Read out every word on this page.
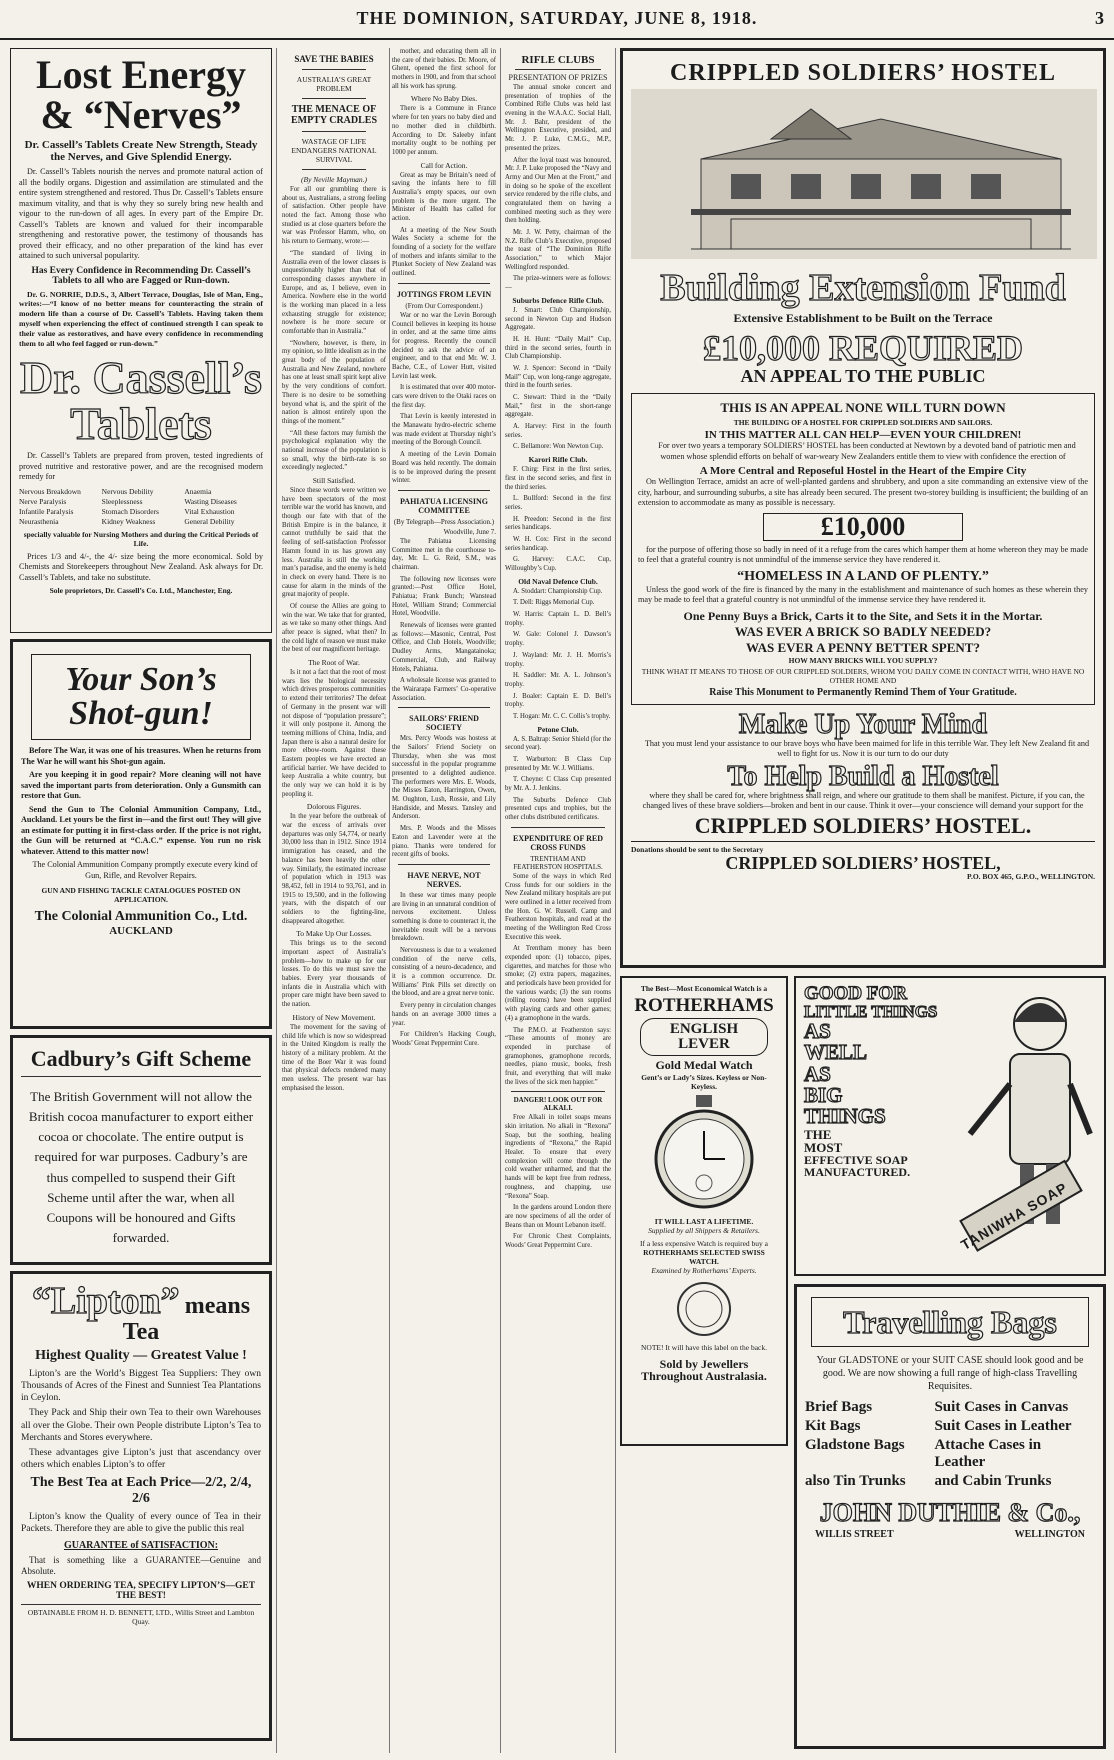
THE DOMINION, SATURDAY, JUNE 8, 1918.	3
Lost Energy
& “Nerves”
Dr. Cassell’s Tablets Create New Strength, Steady the Nerves, and Give Splendid Energy.
Dr. Cassell’s Tablets nourish the nerves and promote natural action of all the bodily organs. Digestion and assimilation are stimulated and the entire system strengthened and restored. Thus Dr. Cassell’s Tablets ensure maximum vitality, and that is why they so surely bring new health and vigour to the run-down of all ages. In every part of the Empire Dr. Cassell’s Tablets are known and valued for their incomparable strengthening and restorative power, the testimony of thousands has proved their efficacy, and no other preparation of the kind has ever attained to such universal popularity.
Has Every Confidence in Recommending Dr. Cassell’s Tablets to all who are Fagged or Run-down.
Dr. G. NORRIE, D.D.S., 3, Albert Terrace, Douglas, Isle of Man, Eng., writes:—“I know of no better means for counteracting the strain of modern life than a course of Dr. Cassell’s Tablets. Having taken them myself when experiencing the effect of continued strength I can speak to their value as restoratives, and have every confidence in recommending them to all who feel fagged or run-down.”
Dr. Cassell’s
Tablets
Dr. Cassell’s Tablets are prepared from proven, tested ingredients of proved nutritive and restorative power, and are the recognised modern remedy for
Nervous Breakdown	Nervous Debility	Anaemia
Nerve Paralysis	Sleeplessness	Wasting Diseases
Infantile Paralysis	Stomach Disorders	Vital Exhaustion
Neurasthenia	Kidney Weakness	General Debility
specially valuable for Nursing Mothers and during the Critical Periods of Life.
Prices 1/3 and 4/-, the 4/- size being the more economical. Sold by Chemists and Storekeepers throughout New Zealand. Ask always for Dr. Cassell’s Tablets, and take no substitute.
Sole proprietors, Dr. Cassell’s Co. Ltd., Manchester, Eng.
Your Son’s
Shot-gun!
Before The War, it was one of his treasures. When he returns from The War he will want his Shot-gun again.
Are you keeping it in good repair? More cleaning will not have saved the important parts from deterioration. Only a Gunsmith can restore that Gun.
Send the Gun to The Colonial Ammunition Company, Ltd., Auckland. Let yours be the first in—and the first out! They will give an estimate for putting it in first-class order. If the price is not right, the Gun will be returned at “C.A.C.” expense. You run no risk whatever. Attend to this matter now!
The Colonial Ammunition Company promptly execute every kind of Gun, Rifle, and Revolver Repairs.
GUN AND FISHING TACKLE CATALOGUES POSTED ON APPLICATION.
The Colonial Ammunition Co., Ltd.
AUCKLAND
Cadbury’s Gift Scheme
The British Government will not allow the British cocoa manufacturer to export either cocoa or chocolate. The entire output is required for war purposes. Cadbury’s are thus compelled to suspend their Gift Scheme until after the war, when all Coupons will be honoured and Gifts forwarded.
“Lipton” means Tea
Highest Quality — Greatest Value !
Lipton’s are the World’s Biggest Tea Suppliers: They own Thousands of Acres of the Finest and Sunniest Tea Plantations in Ceylon.
They Pack and Ship their own Tea to their own Warehouses all over the Globe. Their own People distribute Lipton’s Tea to Merchants and Stores everywhere.
These advantages give Lipton’s just that ascendancy over others which enables Lipton’s to offer
The Best Tea at Each Price—2/2, 2/4, 2/6
Lipton’s know the Quality of every ounce of Tea in their Packets. Therefore they are able to give the public this real
GUARANTEE of SATISFACTION:
That is something like a GUARANTEE—Genuine and Absolute.
WHEN ORDERING TEA, SPECIFY LIPTON’S—GET THE BEST!
OBTAINABLE FROM H. D. BENNETT, LTD., Willis Street and Lambton Quay.
SAVE THE BABIES
AUSTRALIA’S GREAT PROBLEM
THE MENACE OF EMPTY CRADLES
WASTAGE OF LIFE ENDANGERS NATIONAL SURVIVAL
(By Neville Mayman.)
For all our grumbling there is about us, Australians, a strong feeling of satisfaction. Other people have noted the fact. Among those who studied us at close quarters before the war was Professor Hamm, who, on his return to Germany, wrote:—
“The standard of living in Australia even of the lower classes is unquestionably higher than that of corresponding classes anywhere in Europe, and as, I believe, even in America. Nowhere else in the world is the working man placed in a less exhausting struggle for existence; nowhere is he more secure or comfortable than in Australia.”
“Nowhere, however, is there, in my opinion, so little idealism as in the great body of the population of Australia and New Zealand, nowhere has one at least small spirit kept alive by the very conditions of comfort. There is no desire to be something beyond what is, and the spirit of the nation is almost entirely upon the things of the moment.”
“All these factors may furnish the psychological explanation why the national increase of the population is so small, why the birth-rate is so exceedingly neglected.”
Still Satisfied.
Since these words were written we have been spectators of the most terrible war the world has known, and though our fate with that of the British Empire is in the balance, it cannot truthfully be said that the feeling of self-satisfaction Professor Hamm found in us has grown any less. Australia is still the working man’s paradise, and the enemy is held in check on every hand. There is no cause for alarm in the minds of the great majority of people.
Of course the Allies are going to win the war. We take that for granted, as we take so many other things. And after peace is signed, what then? In the cold light of reason we must make the best of our magnificent heritage.
The Root of War.
Is it not a fact that the root of most wars lies the biological necessity which drives prosperous communities to extend their territories? The defeat of Germany in the present war will not dispose of “population pressure”; it will only postpone it. Among the teeming millions of China, India, and Japan there is also a natural desire for more elbow-room. Against these Eastern peoples we have erected an artificial barrier. We have decided to keep Australia a white country, but the only way we can hold it is by peopling it.
Dolorous Figures.
In the year before the outbreak of war the excess of arrivals over departures was only 54,774, or nearly 30,000 less than in 1912. Since 1914 immigration has ceased, and the balance has been heavily the other way. Similarly, the estimated increase of population which in 1913 was 98,452, fell in 1914 to 93,761, and in 1915 to 19,500, and in the following years, with the dispatch of our soldiers to the fighting-line, disappeared altogether.
To Make Up Our Losses.
This brings us to the second important aspect of Australia’s problem—how to make up for our losses. To do this we must save the babies. Every year thousands of infants die in Australia which with proper care might have been saved to the nation.
History of New Movement.
The movement for the saving of child life which is now so widespread in the United Kingdom is really the history of a military problem. At the time of the Boer War it was found that physical defects rendered many men useless. The present war has emphasised the lesson.
RIFLE CLUBS
PRESENTATION OF PRIZES
The annual smoke concert and presentation of trophies of the Combined Rifle Clubs was held last evening in the W.A.A.C. Social Hall, Mr. J. Bahr, president of the Wellington Executive, presided, and Mr. J. P. Luke, C.M.G., M.P., presented the prizes.
After the loyal toast was honoured, Mr. J. P. Luke proposed the “Navy and Army and Our Men at the Front,” and in doing so he spoke of the excellent service rendered by the rifle clubs, and congratulated them on having a combined meeting such as they were then holding.
Mr. J. W. Petty, chairman of the N.Z. Rifle Club’s Executive, proposed the toast of “The Dominion Rifle Association,” to which Major Wellingford responded.
The prize-winners were as follows:—
Suburbs Defence Rifle Club.
J. Smart: Club Championship, second in Newton Cup and Hudson Aggregate.
H. H. Hunt: “Daily Mail” Cup, third in the second series, fourth in Club Championship.
W. J. Spencer: Second in “Daily Mail” Cup, won long-range aggregate, third in the fourth series.
C. Stewart: Third in the “Daily Mail,” first in the short-range aggregate.
A. Harvey: First in the fourth series.
C. Bellamore: Won Newton Cup.
Karori Rifle Club.
F. Chirg: First in the first series, first in the second series, and first in the third series.
L. Bullford: Second in the first series.
H. Preedon: Second in the first series handicaps.
W. H. Cox: First in the second series handicap.
G. Harvey: C.A.C. Cup, Willoughby’s Cup.
Old Naval Defence Club.
A. Stoddart: Championship Cup.
T. Dell: Riggs Memorial Cup.
W. Harris: Captain L. D. Bell’s trophy.
W. Gale: Colonel J. Dawson’s trophy.
J. Wayland: Mr. J. H. Morris’s trophy.
H. Saddler: Mr. A. L. Johnson’s trophy.
J. Boaler: Captain E. D. Bell’s trophy.
T. Hogan: Mr. C. C. Collis’s trophy.
Petone Club.
A. S. Baltrap: Senior Shield (for the second year).
T. Warburton: B Class Cup presented by Mr. W. J. Williams.
T. Cheyne: C Class Cup presented by Mr. A. J. Jenkins.
The Suburbs Defence Club presented cups and trophies, but the other clubs distributed certificates.
EXPENDITURE OF RED CROSS FUNDS
TRENTHAM AND FEATHERSTON HOSPITALS.
Some of the ways in which Red Cross funds for our soldiers in the New Zealand military hospitals are put were outlined in a letter received from the Hon. G. W. Russell. Camp and Featherston hospitals, and read at the meeting of the Wellington Red Cross Executive this week.
At Trentham money has been expended upon: (1) tobacco, pipes, cigarettes, and matches for those who smoke; (2) extra papers, magazines, and periodicals have been provided for the various wards; (3) the sun rooms (rolling rooms) have been supplied with playing cards and other games; (4) a gramophone in the wards.
The P.M.O. at Featherston says: “These amounts of money are expended in purchase of gramophones, gramophone records, needles, piano music, books, fresh fruit, and everything that will make the lives of the sick men happier.”
DANGER! LOOK OUT FOR ALKALI.
Free Alkali in toilet soaps means skin irritation. No alkali in “Rexona” Soap, but the soothing, healing ingredients of “Rexona,” the Rapid Healer. To ensure that every complexion will come through the cold weather unharmed, and that the hands will be kept free from redness, roughness, and chapping, use “Rexona” Soap.
In the gardens around London there are now specimens of all the order of Beans than on Mount Lebanon itself.
For Chronic Chest Complaints, Woods’ Great Peppermint Cure.
CRIPPLED SOLDIERS’ HOSTEL
Building Extension Fund
Extensive Establishment to be Built on the Terrace
£10,000 REQUIRED
AN APPEAL TO THE PUBLIC
THIS IS AN APPEAL NONE WILL TURN DOWN
THE BUILDING OF A HOSTEL FOR CRIPPLED SOLDIERS AND SAILORS.
IN THIS MATTER ALL CAN HELP—EVEN YOUR CHILDREN!
For over two years a temporary SOLDIERS’ HOSTEL has been conducted at Newtown by a devoted band of patriotic men and women whose splendid efforts on behalf of war-weary New Zealanders entitle them to view with confidence the erection of
A More Central and Reposeful Hostel in the Heart of the Empire City
On Wellington Terrace, amidst an acre of well-planted gardens and shrubbery, and upon a site commanding an extensive view of the city, harbour, and surrounding suburbs, a site has already been secured. The present two-storey building is insufficient; the building of an extension to accommodate as many as possible is necessary.
£10,000
for the purpose of offering those so badly in need of it a refuge from the cares which hamper them at home whereon they may be made to feel that a grateful country is not unmindful of the immense service they have rendered it.
“HOMELESS IN A LAND OF PLENTY.”
Unless the good work of the fire is financed by the many in the establishment and maintenance of such homes as these wherein they may be made to feel that a grateful country is not unmindful of the immense service they have rendered it.
One Penny Buys a Brick, Carts it to the Site, and Sets it in the Mortar.
WAS EVER A BRICK SO BADLY NEEDED?
WAS EVER A PENNY BETTER SPENT?
HOW MANY BRICKS WILL YOU SUPPLY?
THINK WHAT IT MEANS TO THOSE OF OUR CRIPPLED SOLDIERS, WHOM YOU DAILY COME IN CONTACT WITH, WHO HAVE NO OTHER HOME AND
Raise This Monument to Permanently Remind Them of Your Gratitude.
Make Up Your Mind
That you must lend your assistance to our brave boys who have been maimed for life in this terrible War. They left New Zealand fit and well to fight for us. Now it is our turn to do our duty
To Help Build a Hostel
where they shall be cared for, where brightness shall reign, and where our gratitude to them shall be manifest. Picture, if you can, the changed lives of these brave soldiers—broken and bent in our cause. Think it over—your conscience will demand your support for the
CRIPPLED SOLDIERS’ HOSTEL.
Donations should be sent to the Secretary
CRIPPLED SOLDIERS’ HOSTEL,
P.O. BOX 465, G.P.O., WELLINGTON.
The Best—Most Economical Watch is a
ROTHERHAMS
ENGLISH LEVER
Gold Medal Watch
Gent’s or Lady’s Sizes. Keyless or Non-Keyless.
IT WILL LAST A LIFETIME.
Supplied by all Shippers & Retailers.
If a less expensive Watch is required buy a
ROTHERHAMS SELECTED SWISS WATCH.
Examined by Rotherhams’ Experts.
NOTE! It will have this label on the back.
Sold by Jewellers Throughout Australasia.
GOOD FOR
LITTLE THINGS
AS
WELL
AS
BIG
THINGS
THE
MOST
EFFECTIVE SOAP
MANUFACTURED.
TANIWHA SOAP
Travelling Bags
Your GLADSTONE or your SUIT CASE should look good and be good. We are now showing a full range of high-class Travelling Requisites.
Brief Bags	Suit Cases in Canvas
Kit Bags	Suit Cases in Leather
Gladstone Bags	Attache Cases in Leather
also Tin Trunks	and Cabin Trunks
JOHN DUTHIE & Co.,
WILLIS STREET	WELLINGTON
mother, and educating them all in the care of their babies. Dr. Moore, of Ghent, opened the first school for mothers in 1900, and from that school all his work has sprung.
Where No Baby Dies.
There is a Commune in France where for ten years no baby died and no mother died in childbirth. According to Dr. Saleeby infant mortality ought to be nothing per 1000 per annum.
Call for Action.
Great as may be Britain’s need of saving the infants here to fill Australia’s empty spaces, our own problem is the more urgent. The Minister of Health has called for action.
At a meeting of the New South Wales Society a scheme for the founding of a society for the welfare of mothers and infants similar to the Plunket Society of New Zealand was outlined.
JOTTINGS FROM LEVIN
(From Our Correspondent.)
War or no war the Levin Borough Council believes in keeping its house in order, and at the same time aims for progress. Recently the council decided to ask the advice of an engineer, and to that end Mr. W. J. Bache, C.E., of Lower Hutt, visited Levin last week.
It is estimated that over 400 motor-cars were driven to the Otaki races on the first day.
That Levin is keenly interested in the Manawatu hydro-electric scheme was made evident at Thursday night’s meeting of the Borough Council.
A meeting of the Levin Domain Board was held recently. The domain is to be improved during the present winter.
PAHIATUA LICENSING COMMITTEE
(By Telegraph—Press Association.)
Woodville, June 7.
The Pahiatua Licensing Committee met in the courthouse to-day, Mr. L. G. Reid, S.M., was chairman.
The following new licenses were granted:—Post Office Hotel, Pahiatua; Frank Bunch; Wanstead Hotel, William Strand; Commercial Hotel, Woodville.
Renewals of licenses were granted as follows:—Masonic, Central, Post Office, and Club Hotels, Woodville; Dudley Arms, Mangatainoka; Commercial, Club, and Railway Hotels, Pahiatua.
A wholesale license was granted to the Wairarapa Farmers’ Co-operative Association.
SAILORS’ FRIEND SOCIETY
Mrs. Percy Woods was hostess at the Sailors’ Friend Society on Thursday, when she was most successful in the popular programme presented to a delighted audience. The performers were Mrs. E. Woods, the Misses Eaton, Harrington, Owen, M. Oughton, Lush, Rossie, and Lily Handiside, and Messrs. Tansley and Anderson.
Mrs. P. Woods and the Misses Eaton and Lavender were at the piano. Thanks were tendered for recent gifts of books.
HAVE NERVE, NOT NERVES.
In these war times many people are living in an unnatural condition of nervous excitement. Unless something is done to counteract it, the inevitable result will be a nervous breakdown.
Nervousness is due to a weakened condition of the nerve cells, consisting of a neuro-decadence, and it is a common occurrence. Dr. Williams’ Pink Pills set directly on the blood, and are a great nerve tonic.
Every penny in circulation changes hands on an average 3000 times a year.
For Children’s Hacking Cough, Woods’ Great Peppermint Cure.
